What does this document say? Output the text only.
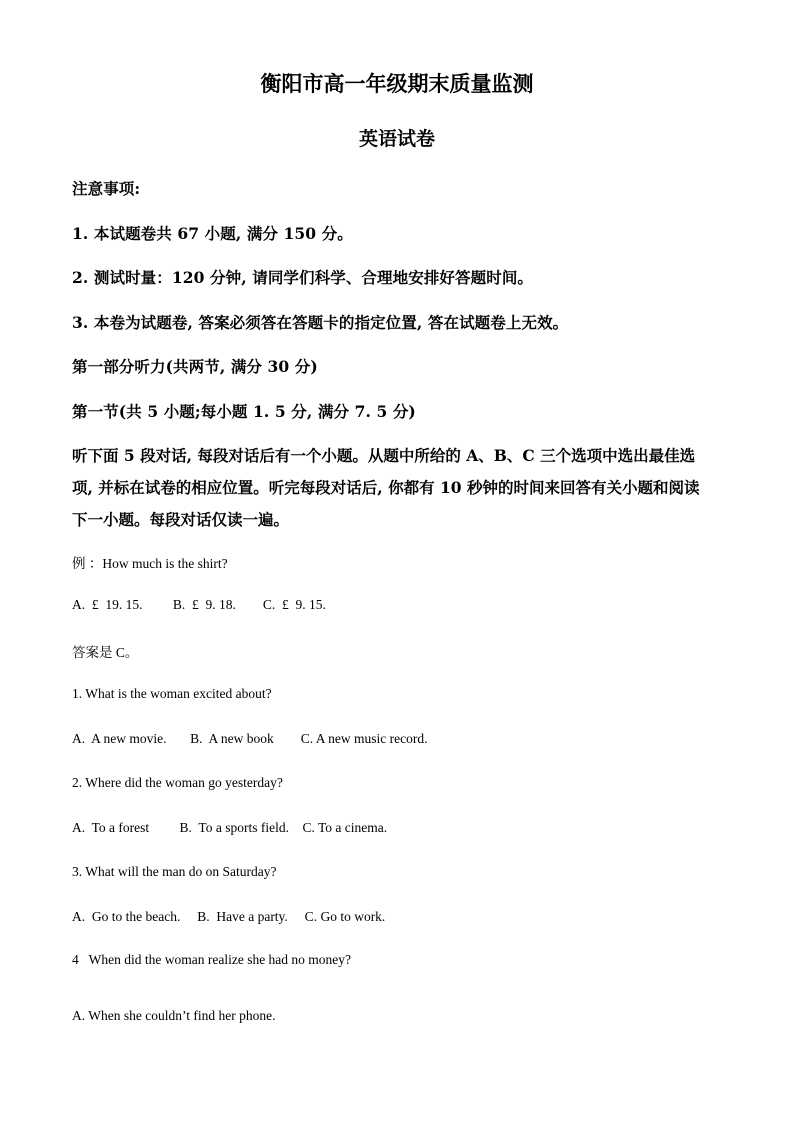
衡阳市高一年级期末质量监测
英语试卷
注意事项:
1. 本试题卷共 67 小题, 满分 150 分。
2. 测试时量：120 分钟, 请同学们科学、合理地安排好答题时间。
3. 本卷为试题卷, 答案必须答在答题卡的指定位置, 答在试题卷上无效。
第一部分听力(共两节, 满分 30 分)
第一节(共 5 小题;每小题 1. 5 分, 满分 7. 5 分)
听下面 5 段对话, 每段对话后有一个小题。从题中所给的 A、B、C 三个选项中选出最佳选
项, 并标在试卷的相应位置。听完每段对话后, 你都有 10 秒钟的时间来回答有关小题和阅读
下一小题。每段对话仅读一遍。
例 ：How much is the shirt?
A.  £  19. 15.         B.  £  9. 18.        C.  £  9. 15.
答案是 C。
1. What is the woman excited about?
A.  A new movie.       B.  A new book        C. A new music record.
2. Where did the woman go yesterday?
A.  To a forest         B.  To a sports field.    C. To a cinema.
3. What will the man do on Saturday?
A.  Go to the beach.     B.  Have a party.     C. Go to work.
4   When did the woman realize she had no money?
A. When she couldn’t find her phone.
